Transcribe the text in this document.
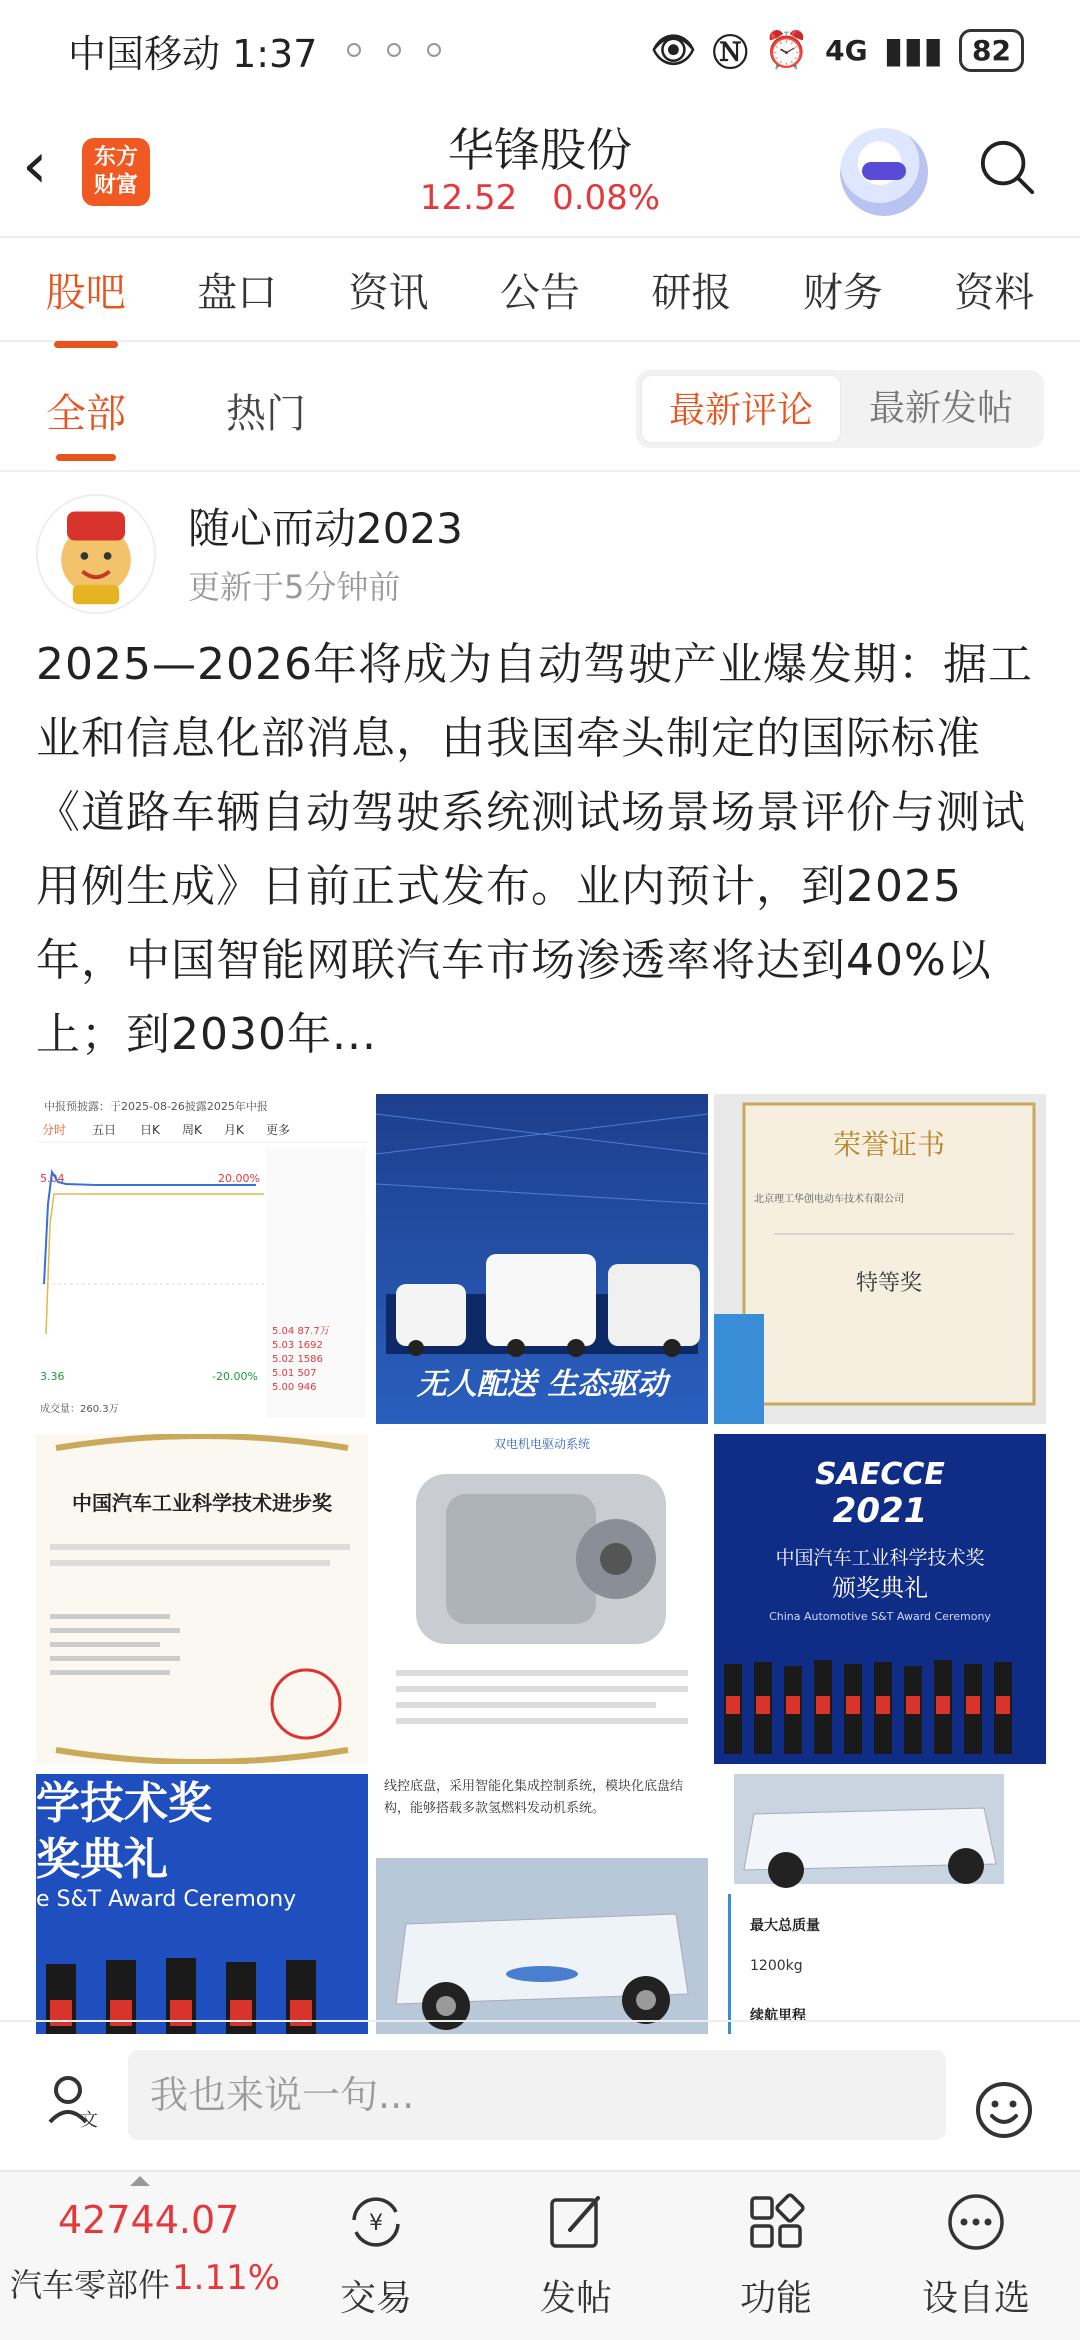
中国移动 1:37	👁 Ⓝ ⏰ 4G ▮▮▮	82
‹	东方
财富
华锋股份
12.52 0.08%
股吧 盘口 资讯 公告 研报 财务 资料
全部	热门	最新评论	最新发帖
随心而动2023
更新于5分钟前
2025—2026年将成为自动驾驶产业爆发期：据工业和信息化部消息，由我国牵头制定的国际标准《道路车辆自动驾驶系统测试场景场景评价与测试用例生成》日前正式发布。业内预计，到2025年，中国智能网联汽车市场渗透率将达到40%以上；到2030年...
中报预披露：于2025-08-26披露2025年中报
分时 五日 日K 周K 月K 更多
5.04
3.36
20.00%
-20.00%
5.04 87.7万
5.03 1692
5.02 1586
5.01 507
5.00 946
成交量：260.3万
无人配送 生态驱动
荣誉证书
北京理工华创电动车技术有限公司
特等奖
中国汽车工业科学技术进步奖
双电机电驱动系统
SAECCE
2021
中国汽车工业科学技术奖
颁奖典礼
China Automotive S&T Award Ceremony
学技术奖
奖典礼
e S&T Award Ceremony
线控底盘，采用智能化集成控制系统，模块化底盘结构，能够搭载多款氢燃料发动机系统。
最大总质量
1200kg
续航里程
文
我也来说一句...
42744.07
汽车零部件 1.11%
¥
交易	发帖	功能	设自选
